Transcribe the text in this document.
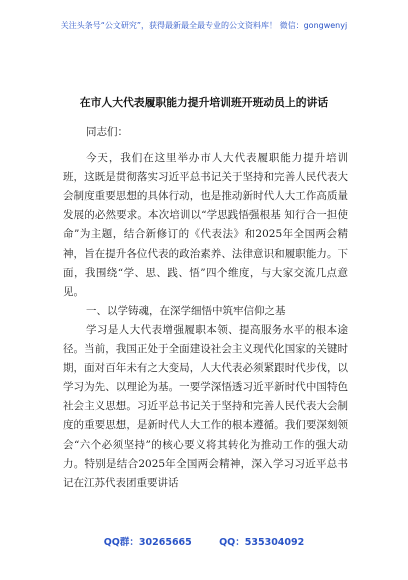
关注头条号“公文研究”，获得最新最全最专业的公文资料库！ 微信：gongwenyj
在市人大代表履职能力提升培训班开班动员上的讲话

同志们：

今天，我们在这里举办市人大代表履职能力提升培训班，这既是贯彻落实习近平总书记关于坚持和完善人民代表大会制度重要思想的具体行动，也是推动新时代人大工作高质量发展的必然要求。本次培训以“学思践悟强根基 知行合一担使命”为主题，结合新修订的《代表法》和2025年全国两会精神，旨在提升各位代表的政治素养、法律意识和履职能力。下面，我围绕“学、思、践、悟”四个维度，与大家交流几点意见。

一、以学铸魂，在深学细悟中筑牢信仰之基

学习是人大代表增强履职本领、提高服务水平的根本途径。当前，我国正处于全面建设社会主义现代化国家的关键时期，面对百年未有之大变局，人大代表必须紧跟时代步伐，以学习为先、以理论为基。一要学深悟透习近平新时代中国特色社会主义思想。习近平总书记关于坚持和完善人民代表大会制度的重要思想，是新时代人大工作的根本遵循。我们要深刻领会“六个必须坚持”的核心要义将其转化为推动工作的强大动力。特别是结合2025年全国两会精神，深入学习习近平总书记在江苏代表团重要讲话

QQ群：30265665	QQ：535304092
